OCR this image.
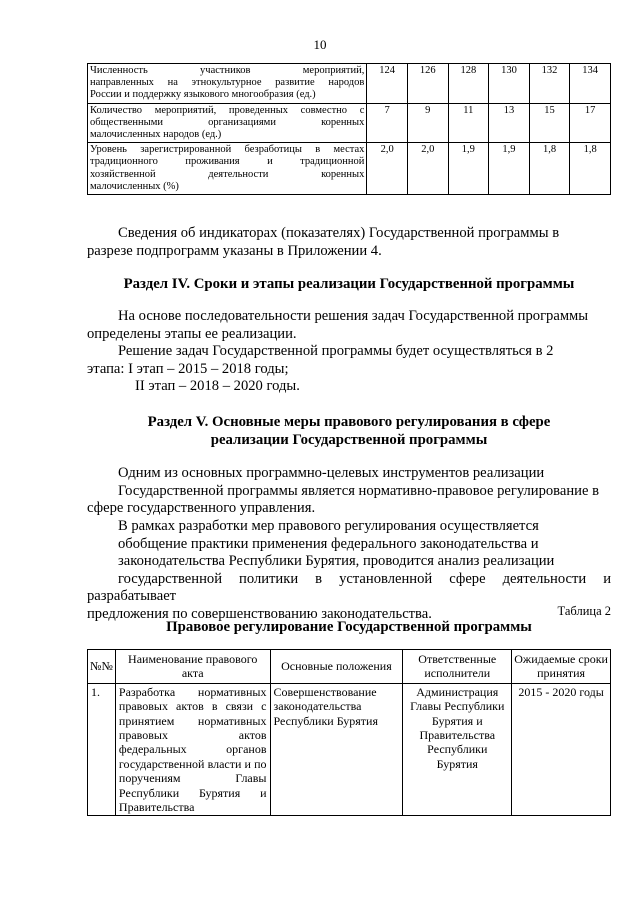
10
Численность участников мероприятий,
направленных на этнокультурное развитие народов
России и поддержку языкового многообразия (ед.)	124	126	128	130	132	134
Количество мероприятий, проведенных совместно с
общественными организациями коренных
малочисленных народов (ед.)	7	9	11	13	15	17
Уровень зарегистрированной безработицы в местах
традиционного проживания и традиционной
хозяйственной деятельности коренных
малочисленных (%)	2,0	2,0	1,9	1,9	1,8	1,8
Сведения об индикаторах (показателях) Государственной программы в
разрезе подпрограмм указаны в Приложении 4.
Раздел IV. Сроки и этапы реализации Государственной программы
На основе последовательности решения задач Государственной программы
определены этапы ее реализации.
Решение задач Государственной программы будет осуществляться в 2
этапа: I этап – 2015 – 2018 годы;
II этап – 2018 – 2020 годы.
Раздел V. Основные меры правового регулирования в сфере
реализации Государственной программы
Одним из основных программно-целевых инструментов реализации
Государственной программы является нормативно-правовое регулирование в
сфере государственного управления.
В рамках разработки мер правового регулирования осуществляется
обобщение практики применения федерального законодательства и
законодательства Республики Бурятия, проводится анализ реализации
государственной политики в установленной сфере деятельности и разрабатывает
предложения по совершенствованию законодательства.	Таблица 2
Правовое регулирование Государственной программы
№№	Наименование правового акта	Основные положения	Ответственные исполнители	Ожидаемые сроки принятия
1.	Разработка нормативных правовых актов в связи с принятием нормативных правовых актов федеральных органов государственной власти и по поручениям Главы Республики Бурятия и Правительства	Совершенствование законодательства Республики Бурятия	Администрация Главы Республики Бурятия и Правительства Республики Бурятия	2015 - 2020 годы
